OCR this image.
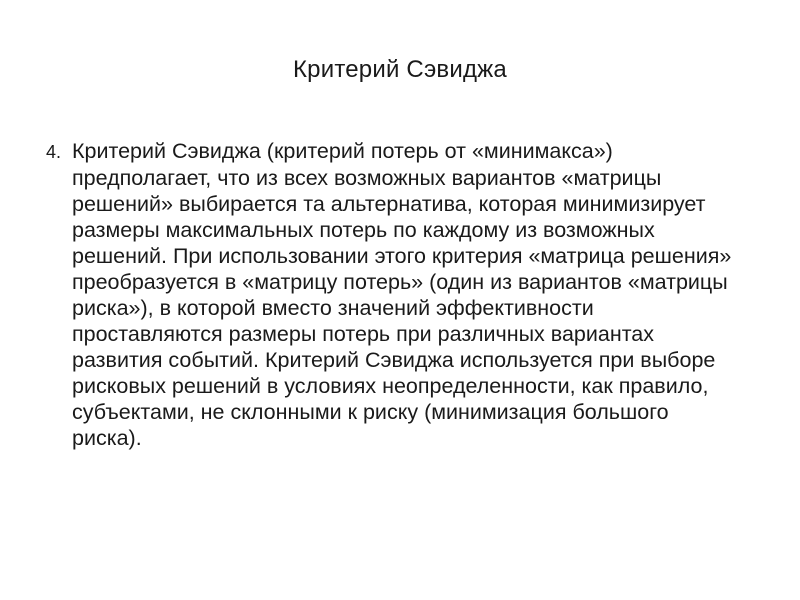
Критерий Сэвиджа

4. Критерий Сэвиджа (критерий потерь от «минимакса») предполагает, что из всех возможных вариантов «матрицы решений» выбирается та альтернатива, которая минимизирует размеры максимальных потерь по каждому из возможных решений. При использовании этого критерия «матрица решения» преобразуется в «матрицу потерь» (один из вариантов «матрицы риска»), в которой вместо значений эффективности проставляются размеры потерь при различных вариантах развития событий. Критерий Сэвиджа используется при выборе рисковых решений в условиях неопределенности, как правило, субъектами, не склонными к риску (минимизация большого риска).
